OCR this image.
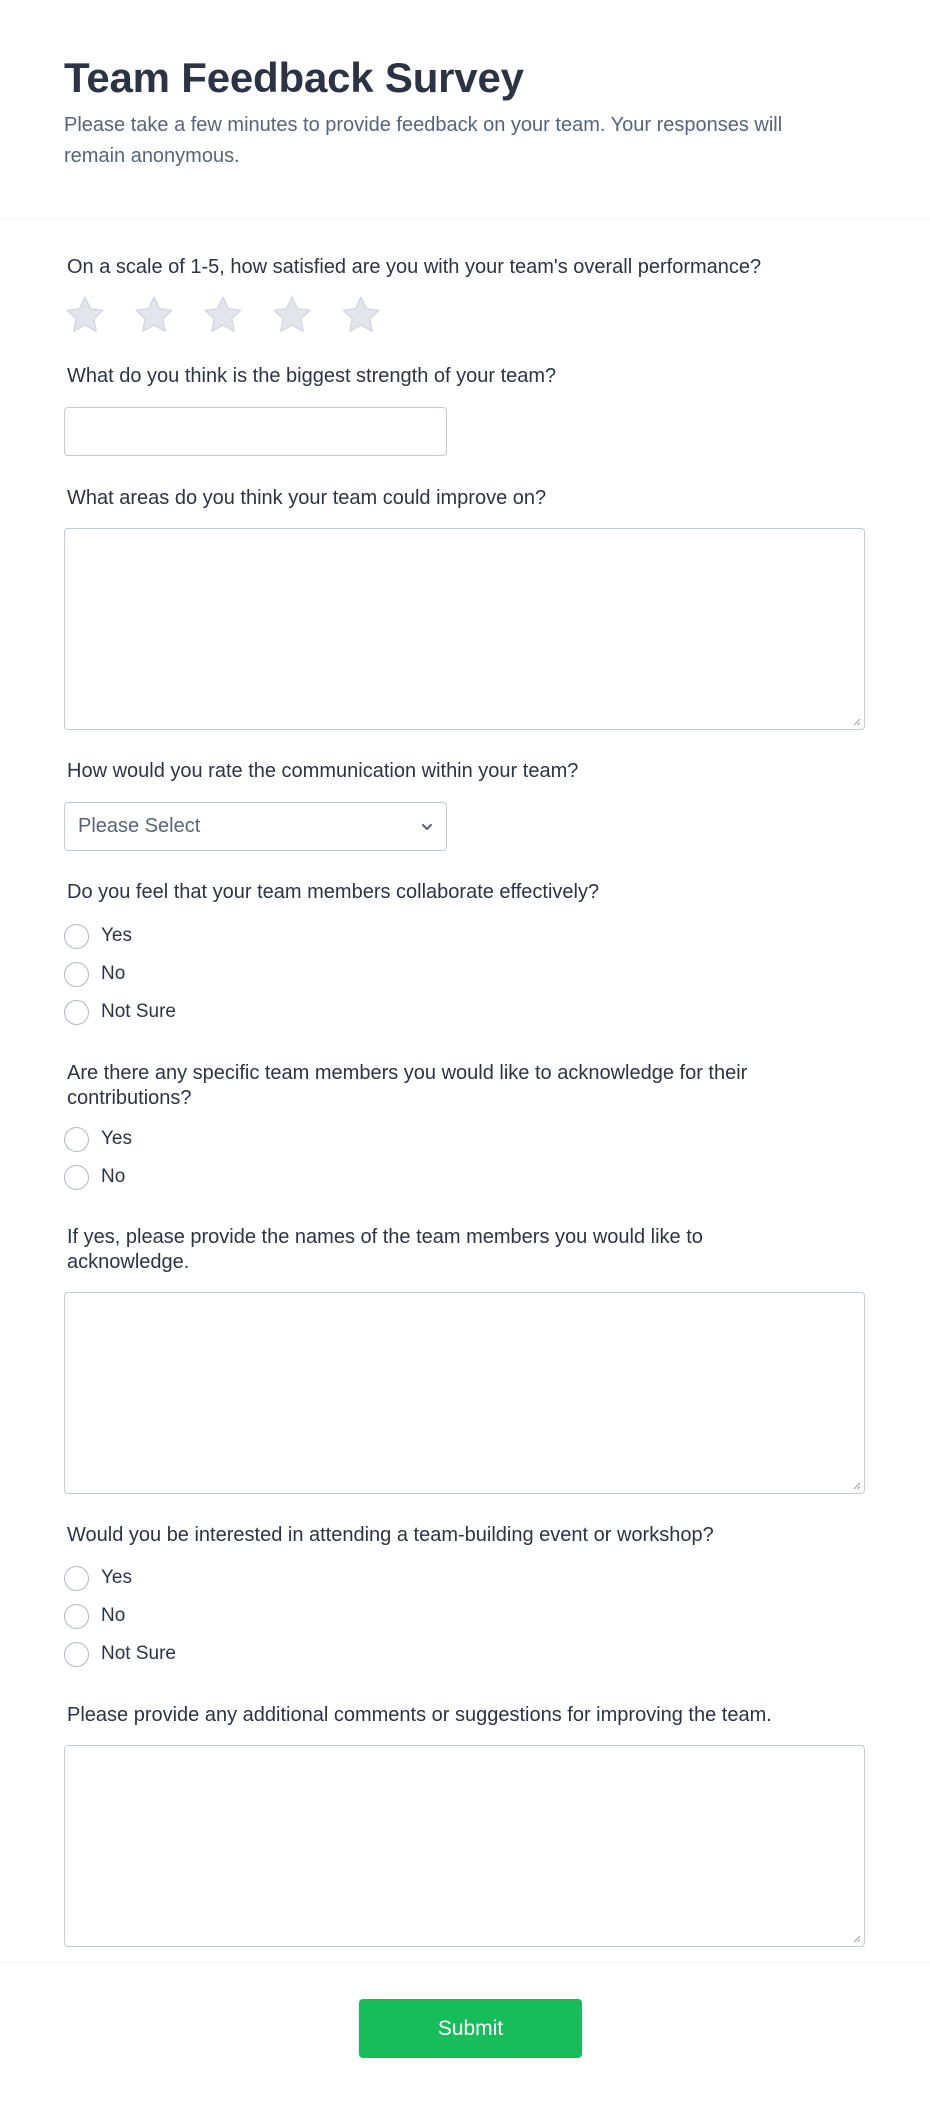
Team Feedback Survey

Please take a few minutes to provide feedback on your team. Your responses will remain anonymous.

On a scale of 1-5, how satisfied are you with your team's overall performance?
What do you think is the biggest strength of your team?
What areas do you think your team could improve on?
How would you rate the communication within your team?
Please Select
Do you feel that your team members collaborate effectively?
Yes
No
Not Sure
Are there any specific team members you would like to acknowledge for their contributions?
Yes
No
If yes, please provide the names of the team members you would like to acknowledge.
Would you be interested in attending a team-building event or workshop?
Yes
No
Not Sure
Please provide any additional comments or suggestions for improving the team.
Submit
